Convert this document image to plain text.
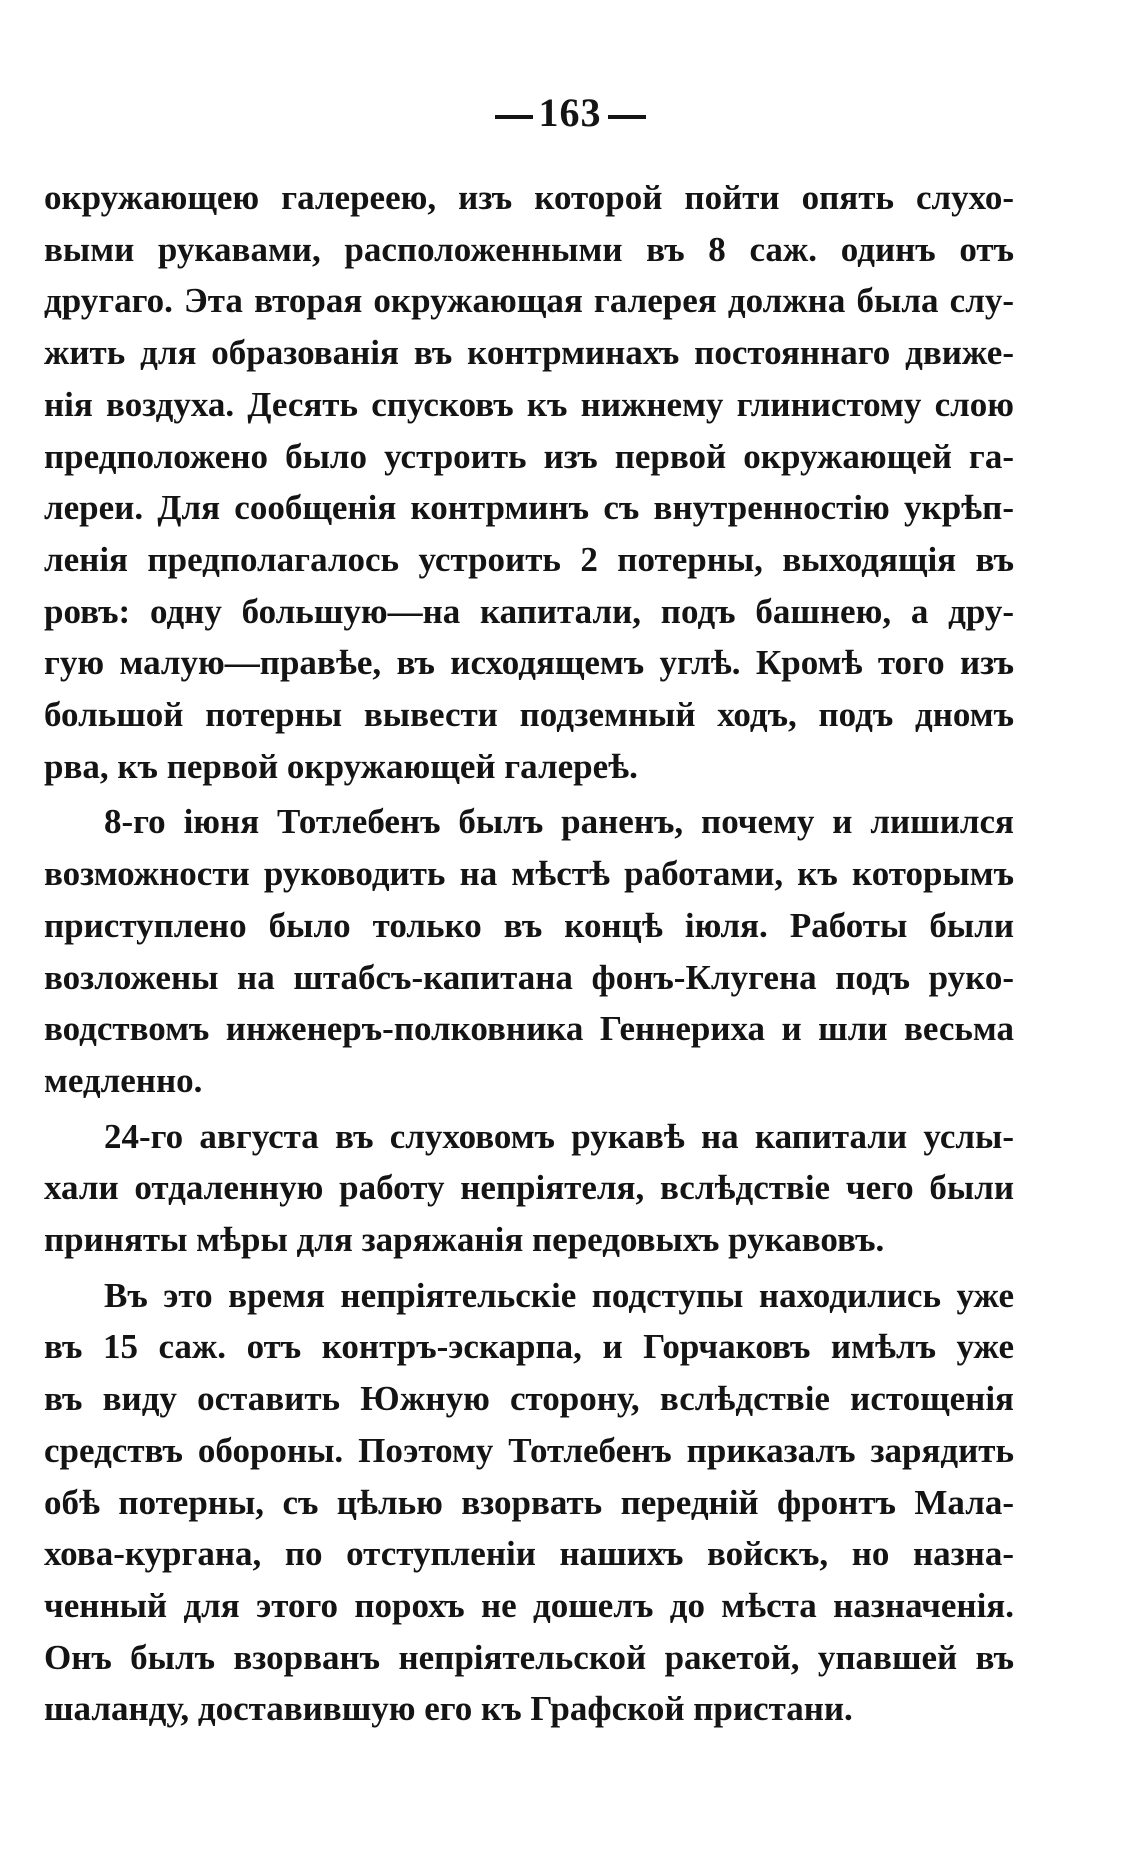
163
окружающею галереею, изъ которой пойти опять слухо-
выми рукавами, расположенными въ 8 саж. одинъ отъ
другаго. Эта вторая окружающая галерея должна была слу-
жить для образованія въ контрминахъ постояннаго движе-
нія воздуха. Десять спусковъ къ нижнему глинистому слою
предположено было устроить изъ первой окружающей га-
лереи. Для сообщенія контрминъ съ внутренностію укрѣп-
ленія предполагалось устроить 2 потерны, выходящія въ
ровъ: одну большую—на капитали, подъ башнею, а дру-
гую малую—правѣе, въ исходящемъ углѣ. Кромѣ того изъ
большой потерны вывести подземный ходъ, подъ дномъ
рва, къ первой окружающей галереѣ.
8-го іюня Тотлебенъ былъ раненъ, почему и лишился
возможности руководить на мѣстѣ работами, къ которымъ
приступлено было только въ концѣ іюля. Работы были
возложены на штабсъ-капитана фонъ-Клугена подъ руко-
водствомъ инженеръ-полковника Геннериха и шли весьма
медленно.
24-го августа въ слуховомъ рукавѣ на капитали услы-
хали отдаленную работу непріятеля, вслѣдствіе чего были
приняты мѣры для заряжанія передовыхъ рукавовъ.
Въ это время непріятельскіе подступы находились уже
въ 15 саж. отъ контръ-эскарпа, и Горчаковъ имѣлъ уже
въ виду оставить Южную сторону, вслѣдствіе истощенія
средствъ обороны. Поэтому Тотлебенъ приказалъ зарядить
обѣ потерны, съ цѣлью взорвать передній фронтъ Мала-
хова-кургана, по отступленіи нашихъ войскъ, но назна-
ченный для этого порохъ не дошелъ до мѣста назначенія.
Онъ былъ взорванъ непріятельской ракетой, упавшей въ
шаланду, доставившую его къ Графской пристани.
